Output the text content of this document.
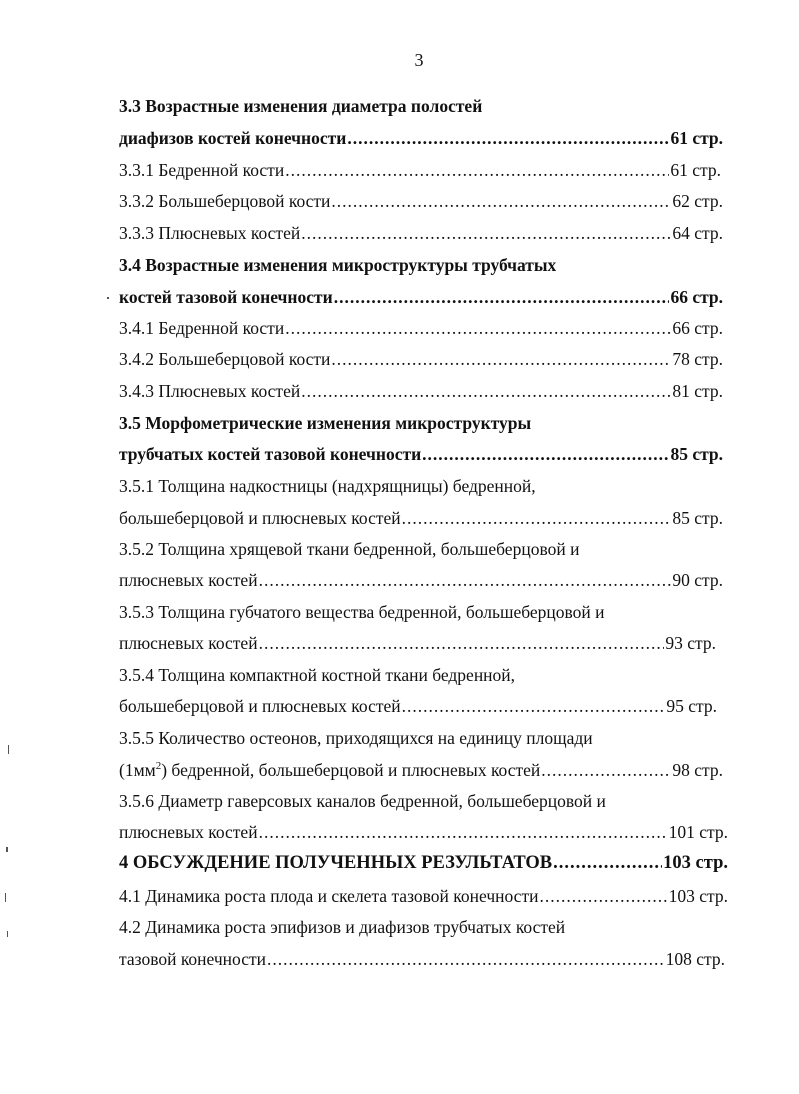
3
3.3 Возрастные изменения диаметра полостей
диафизов костей конечности .....	61 стр.
3.3.1 Бедренной кости .....	61 стр.
3.3.2 Большеберцовой кости .....	62 стр.
3.3.3 Плюсневых костей .....	64 стр.
3.4 Возрастные изменения микроструктуры трубчатых
костей тазовой конечности .....	66 стр.
3.4.1 Бедренной кости .....	66 стр.
3.4.2 Большеберцовой кости .....	78 стр.
3.4.3 Плюсневых костей .....	81 стр.
3.5 Морфометрические изменения микроструктуры
трубчатых костей тазовой конечности .....	85 стр.
3.5.1 Толщина надкостницы (надхрящницы) бедренной,
большеберцовой и плюсневых костей .....	85 стр.
3.5.2 Толщина хрящевой ткани бедренной, большеберцовой и
плюсневых костей .....	90 стр.
3.5.3 Толщина губчатого вещества бедренной, большеберцовой и
плюсневых костей .....	93 стр.
3.5.4 Толщина компактной костной ткани бедренной,
большеберцовой и плюсневых костей .....	95 стр.
3.5.5 Количество остеонов, приходящихся на единицу площади
$(1мм^2)$ бедренной, большеберцовой и плюсневых костей .....	98 стр.
3.5.6 Диаметр гаверсовых каналов бедренной, большеберцовой и
плюсневых костей .....	101 стр.
4 ОБСУЖДЕНИЕ ПОЛУЧЕННЫХ РЕЗУЛЬТАТОВ .....	103 стр.
4.1 Динамика роста плода и скелета тазовой конечности .....	103 стр.
4.2 Динамика роста эпифизов и диафизов трубчатых костей
тазовой конечности .....	108 стр.
